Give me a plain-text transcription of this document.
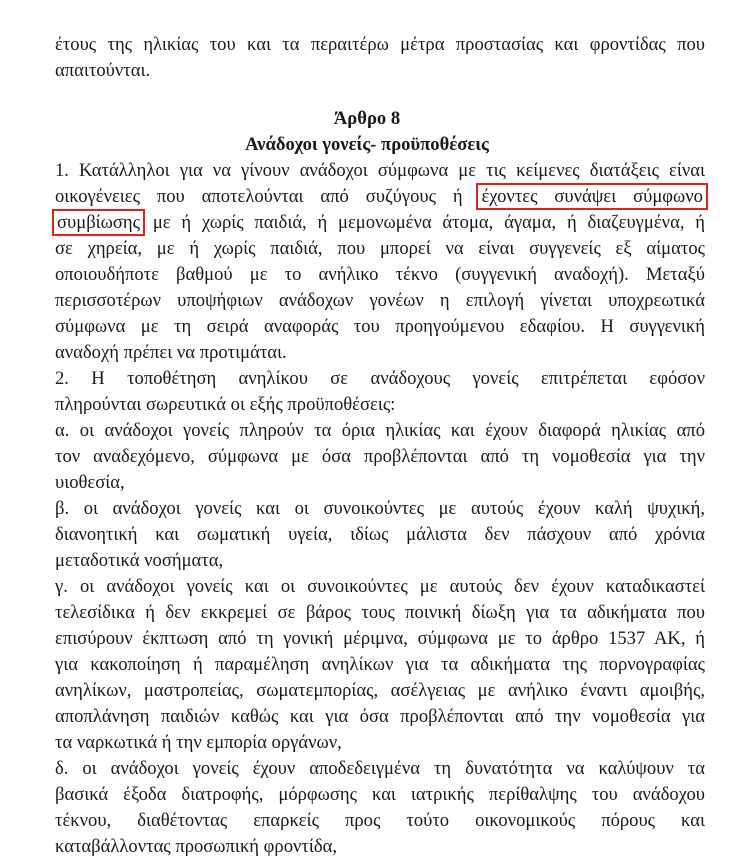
έτους της ηλικίας του και τα περαιτέρω μέτρα προστασίας και φροντίδας που
απαιτούνται.
Άρθρο 8
Ανάδοχοι γονείς- προϋποθέσεις
1. Κατάλληλοι για να γίνουν ανάδοχοι σύμφωνα με τις κείμενες διατάξεις είναι
οικογένειες που αποτελούνται από συζύγους ή έχοντες συνάψει σύμφωνο
συμβίωσης με ή χωρίς παιδιά, ή μεμονωμένα άτομα, άγαμα, ή διαζευγμένα, ή
σε χηρεία, με ή χωρίς παιδιά, που μπορεί να είναι συγγενείς εξ αίματος
οποιουδήποτε βαθμού με το ανήλικο τέκνο (συγγενική αναδοχή). Μεταξύ
περισσοτέρων υποψήφιων ανάδοχων γονέων η επιλογή γίνεται υποχρεωτικά
σύμφωνα με τη σειρά αναφοράς του προηγούμενου εδαφίου. Η συγγενική
αναδοχή πρέπει να προτιμάται.
2. Η τοποθέτηση ανηλίκου σε ανάδοχους γονείς επιτρέπεται εφόσον
πληρούνται σωρευτικά οι εξής προϋποθέσεις:
α. οι ανάδοχοι γονείς πληρούν τα όρια ηλικίας και έχουν διαφορά ηλικίας από
τον αναδεχόμενο, σύμφωνα με όσα προβλέπονται από τη νομοθεσία για την
υιοθεσία,
β. οι ανάδοχοι γονείς και οι συνοικούντες με αυτούς έχουν καλή ψυχική,
διανοητική και σωματική υγεία, ιδίως μάλιστα δεν πάσχουν από χρόνια
μεταδοτικά νοσήματα,
γ. οι ανάδοχοι γονείς και οι συνοικούντες με αυτούς δεν έχουν καταδικαστεί
τελεσίδικα ή δεν εκκρεμεί σε βάρος τους ποινική δίωξη για τα αδικήματα που
επισύρουν έκπτωση από τη γονική μέριμνα, σύμφωνα με το άρθρο 1537 ΑΚ, ή
για κακοποίηση ή παραμέληση ανηλίκων για τα αδικήματα της πορνογραφίας
ανηλίκων, μαστροπείας, σωματεμπορίας, ασέλγειας με ανήλικο έναντι αμοιβής,
αποπλάνηση παιδιών καθώς και για όσα προβλέπονται από την νομοθεσία για
τα ναρκωτικά ή την εμπορία οργάνων,
δ. οι ανάδοχοι γονείς έχουν αποδεδειγμένα τη δυνατότητα να καλύψουν τα
βασικά έξοδα διατροφής, μόρφωσης και ιατρικής περίθαλψης του ανάδοχου
τέκνου, διαθέτοντας επαρκείς προς τούτο οικονομικούς πόρους και
καταβάλλοντας προσωπική φροντίδα,
